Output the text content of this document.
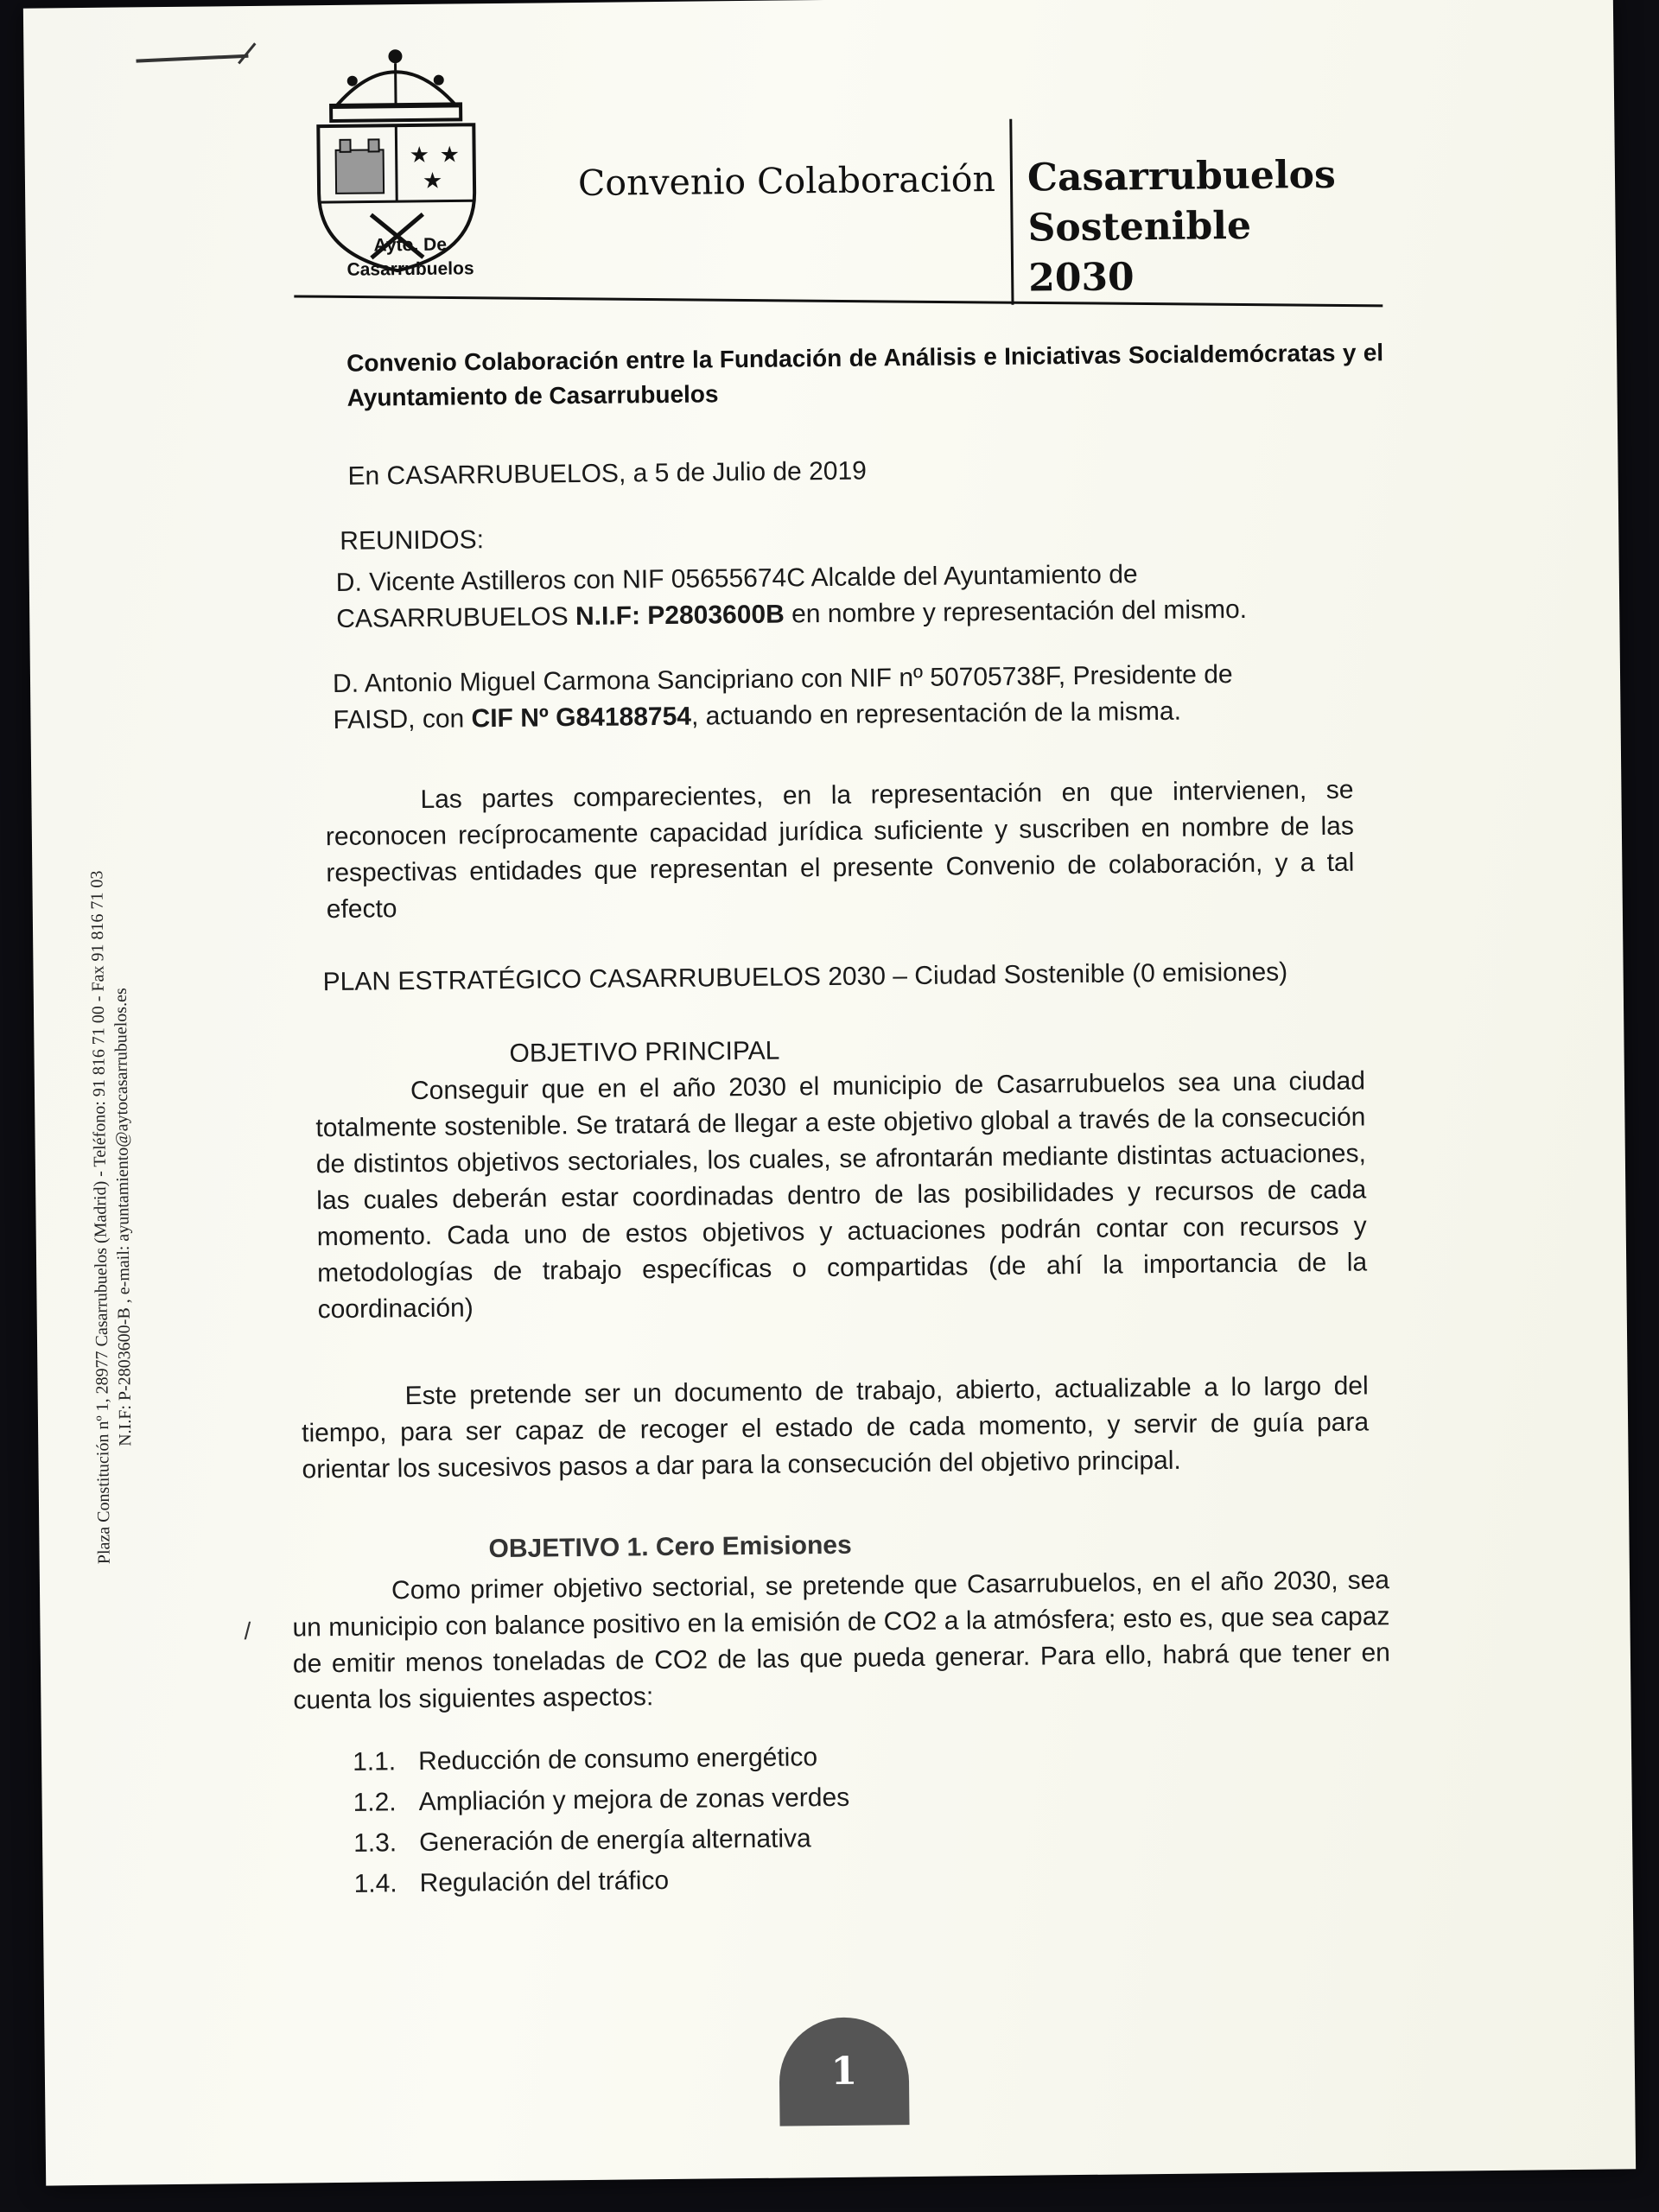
★ ★
★
Ayto. De
Casarrubuelos
Convenio Colaboración Casarrubuelos
Sostenible
2030
Plaza Constitución nº 1, 28977 Casarrubuelos (Madrid) - Teléfono: 91 816 71 00 - Fax 91 816 71 03
N.I.F: P-2803600-B , e-mail: ayuntamiento@aytocasarrubuelos.es
Convenio Colaboración entre la Fundación de Análisis e Iniciativas Socialdemócratas y el Ayuntamiento de Casarrubuelos
En CASARRUBUELOS, a 5 de Julio de 2019
REUNIDOS:
D. Vicente Astilleros con NIF 05655674C Alcalde del Ayuntamiento de CASARRUBUELOS N.I.F: P2803600B en nombre y representación del mismo.
D. Antonio Miguel Carmona Sancipriano con NIF nº 50705738F, Presidente de FAISD, con CIF Nº G84188754, actuando en representación de la misma.
Las partes comparecientes, en la representación en que intervienen, se reconocen recíprocamente capacidad jurídica suficiente y suscriben en nombre de las respectivas entidades que representan el presente Convenio de colaboración, y a tal efecto
PLAN ESTRATÉGICO CASARRUBUELOS 2030 – Ciudad Sostenible (0 emisiones)
OBJETIVO PRINCIPAL
Conseguir que en el año 2030 el municipio de Casarrubuelos sea una ciudad totalmente sostenible. Se tratará de llegar a este objetivo global a través de la consecución de distintos objetivos sectoriales, los cuales, se afrontarán mediante distintas actuaciones, las cuales deberán estar coordinadas dentro de las posibilidades y recursos de cada momento. Cada uno de estos objetivos y actuaciones podrán contar con recursos y metodologías de trabajo específicas o compartidas (de ahí la importancia de la coordinación)
Este pretende ser un documento de trabajo, abierto, actualizable a lo largo del tiempo, para ser capaz de recoger el estado de cada momento, y servir de guía para orientar los sucesivos pasos a dar para la consecución del objetivo principal.
OBJETIVO 1. Cero Emisiones
/
Como primer objetivo sectorial, se pretende que Casarrubuelos, en el año 2030, sea un municipio con balance positivo en la emisión de CO2 a la atmósfera; esto es, que sea capaz de emitir menos toneladas de CO2 de las que pueda generar. Para ello, habrá que tener en cuenta los siguientes aspectos:
1.1. Reducción de consumo energético
1.2. Ampliación y mejora de zonas verdes
1.3. Generación de energía alternativa
1.4. Regulación del tráfico
1
